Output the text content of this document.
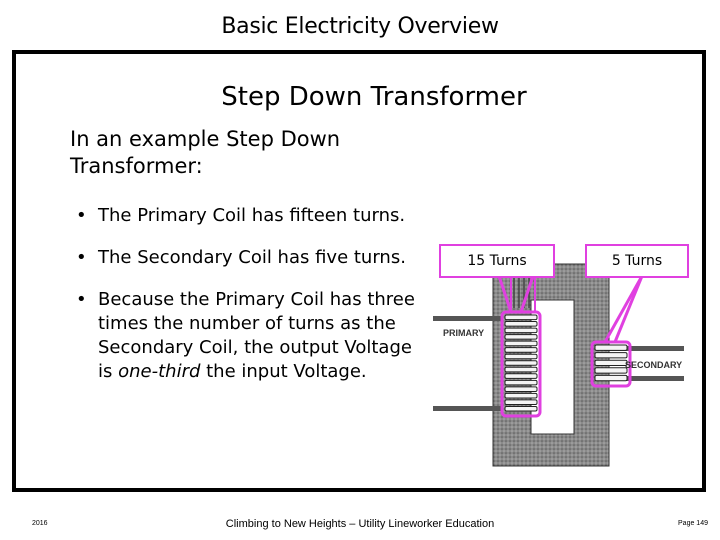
Basic Electricity Overview
Step Down Transformer
In an example Step Down Transformer:
• The Primary Coil has fifteen turns.
• The Secondary Coil has five turns.
• Because the Primary Coil has three times the number of turns as the Secondary Coil, the output Voltage is one-third the input Voltage.
PRIMARY
SECONDARY
15 Turns	5 Turns
2016	Climbing to New Heights – Utility Lineworker Education	Page 149
